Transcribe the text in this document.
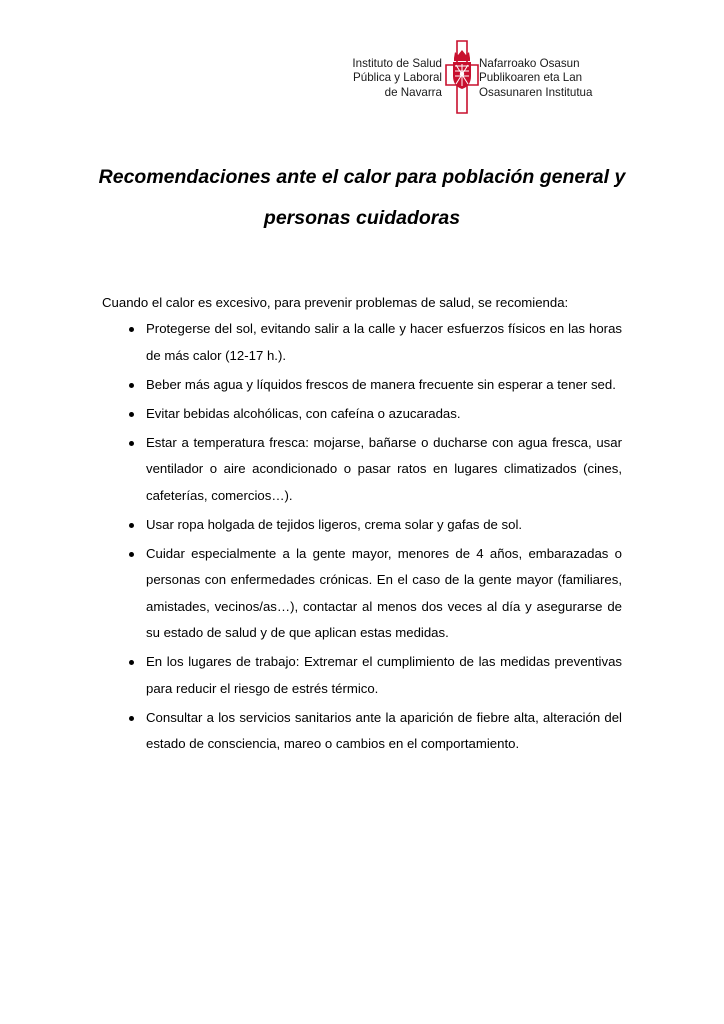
Instituto de Salud
Pública y Laboral
de Navarra
Nafarroako Osasun
Publikoaren eta Lan
Osasunaren Institutua
Recomendaciones ante el calor para población general y
personas cuidadoras
Cuando el calor es excesivo, para prevenir problemas de salud, se recomienda:
Protegerse del sol, evitando salir a la calle y hacer esfuerzos físicos en las horas de más calor (12-17 h.).
Beber más agua y líquidos frescos de manera frecuente sin esperar a tener sed.
Evitar bebidas alcohólicas, con cafeína o azucaradas.
Estar a temperatura fresca: mojarse, bañarse o ducharse con agua fresca, usar ventilador o aire acondicionado o pasar ratos en lugares climatizados (cines, cafeterías, comercios…).
Usar ropa holgada de tejidos ligeros, crema solar y gafas de sol.
Cuidar especialmente a la gente mayor, menores de 4 años, embarazadas o personas con enfermedades crónicas. En el caso de la gente mayor (familiares, amistades, vecinos/as…), contactar al menos dos veces al día y asegurarse de su estado de salud y de que aplican estas medidas.
En los lugares de trabajo: Extremar el cumplimiento de las medidas preventivas para reducir el riesgo de estrés térmico.
Consultar a los servicios sanitarios ante la aparición de fiebre alta, alteración del estado de consciencia, mareo o cambios en el comportamiento.
